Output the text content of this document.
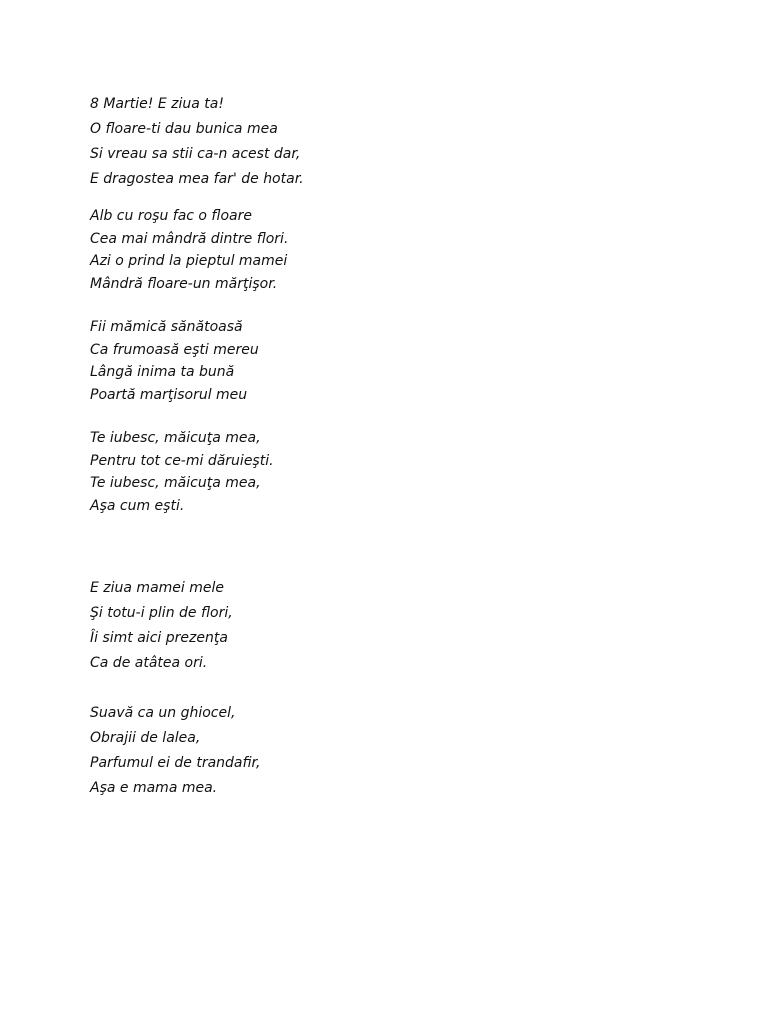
8 Martie! E ziua ta!
O floare-ti dau bunica mea
Si vreau sa stii ca-n acest dar,
E dragostea mea far' de hotar.
Alb cu roşu fac o floare
Cea mai mândră dintre flori.
Azi o prind la pieptul mamei
Mândră floare-un mărţişor.
Fii mămică sănătoasă
Ca frumoasă eşti mereu
Lângă inima ta bună
Poartă marţisorul meu
Te iubesc, măicuţa mea,
Pentru tot ce-mi dăruieşti.
Te iubesc, măicuţa mea,
Aşa cum eşti.
E ziua mamei mele
Şi totu-i plin de flori,
Îi simt aici prezenţa
Ca de atâtea ori.
Suavă ca un ghiocel,
Obrajii de lalea,
Parfumul ei de trandafir,
Aşa e mama mea.
